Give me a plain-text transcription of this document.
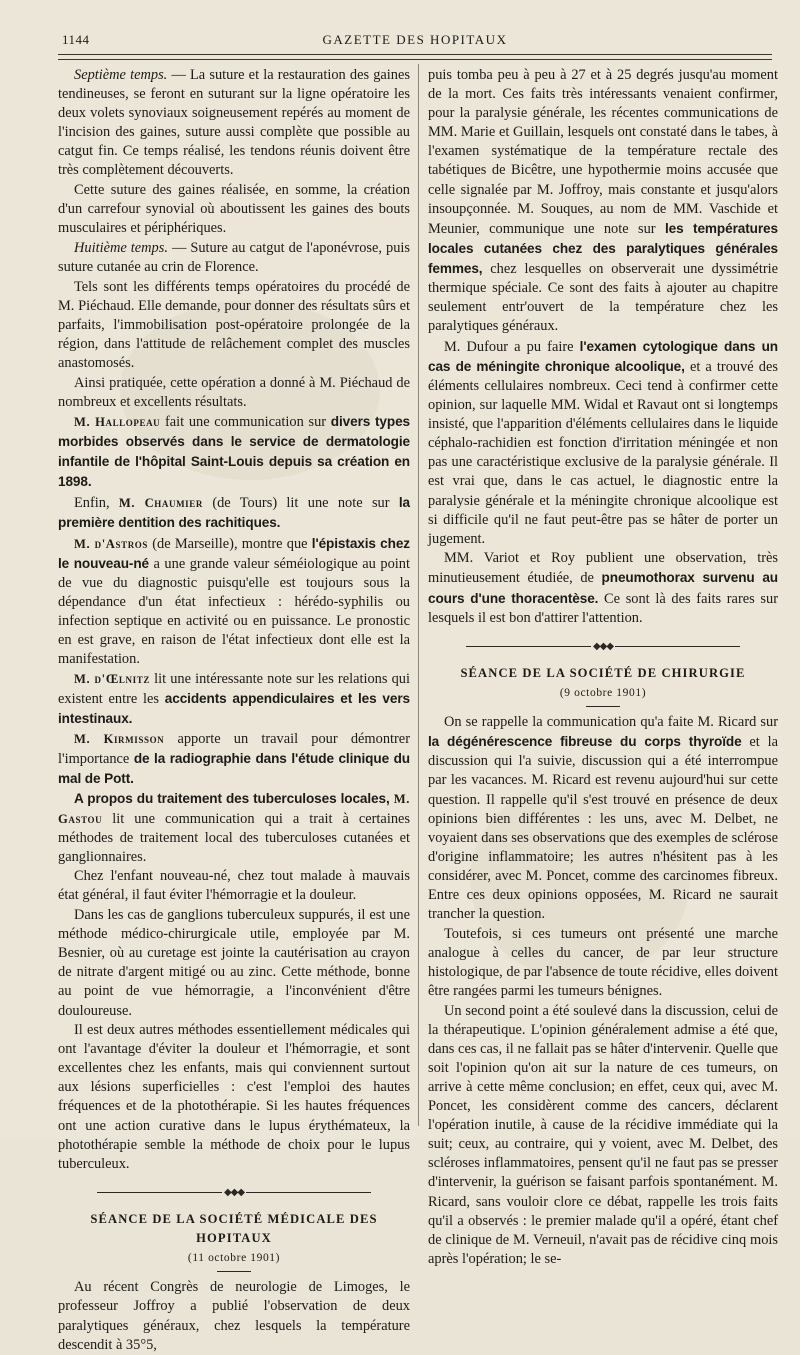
1144	GAZETTE DES HOPITAUX

Septième temps. — La suture et la restauration des gaines tendineuses, se feront en suturant sur la ligne opératoire les deux volets synoviaux soigneusement repérés au moment de l'incision des gaines, suture aussi complète que possible au catgut fin. Ce temps réalisé, les tendons réunis doivent être très complètement découverts.

Cette suture des gaines réalisée, en somme, la création d'un carrefour synovial où aboutissent les gaines des bouts musculaires et périphériques.

Huitième temps. — Suture au catgut de l'aponévrose, puis suture cutanée au crin de Florence.

Tels sont les différents temps opératoires du procédé de M. Piéchaud. Elle demande, pour donner des résultats sûrs et parfaits, l'immobilisation post-opératoire prolongée de la région, dans l'attitude de relâchement complet des muscles anastomosés.

Ainsi pratiquée, cette opération a donné à M. Piéchaud de nombreux et excellents résultats.

M. Hallopeau fait une communication sur divers types morbides observés dans le service de dermatologie infantile de l'hôpital Saint-Louis depuis sa création en 1898.

Enfin, M. Chaumier (de Tours) lit une note sur la première dentition des rachitiques.

M. d'Astros (de Marseille), montre que l'épistaxis chez le nouveau-né a une grande valeur séméiologique au point de vue du diagnostic puisqu'elle est toujours sous la dépendance d'un état infectieux : hérédo-syphilis ou infection septique en activité ou en puissance. Le pronostic en est grave, en raison de l'état infectieux dont elle est la manifestation.

M. d'Œlnitz lit une intéressante note sur les relations qui existent entre les accidents appendiculaires et les vers intestinaux.

M. Kirmisson apporte un travail pour démontrer l'importance de la radiographie dans l'étude clinique du mal de Pott.

A propos du traitement des tuberculoses locales, M. Gastou lit une communication qui a trait à certaines méthodes de traitement local des tuberculoses cutanées et ganglionnaires.

Chez l'enfant nouveau-né, chez tout malade à mauvais état général, il faut éviter l'hémorragie et la douleur.

Dans les cas de ganglions tuberculeux suppurés, il est une méthode médico-chirurgicale utile, employée par M. Besnier, où au curetage est jointe la cautérisation au crayon de nitrate d'argent mitigé ou au zinc. Cette méthode, bonne au point de vue hémorragie, a l'inconvénient d'être douloureuse.

Il est deux autres méthodes essentiellement médicales qui ont l'avantage d'éviter la douleur et l'hémorragie, et sont excellentes chez les enfants, mais qui conviennent surtout aux lésions superficielles : c'est l'emploi des hautes fréquences et de la photothérapie. Si les hautes fréquences ont une action curative dans le lupus érythémateux, la photothérapie semble la méthode de choix pour le lupus tuberculeux.

◆◆◆

SÉANCE DE LA SOCIÉTÉ MÉDICALE DES HOPITAUX

(11 octobre 1901)

Au récent Congrès de neurologie de Limoges, le professeur Joffroy a publié l'observation de deux paralytiques généraux, chez lesquels la température descendit à 35°5,

puis tomba peu à peu à 27 et à 25 degrés jusqu'au moment de la mort. Ces faits très intéressants venaient confirmer, pour la paralysie générale, les récentes communications de MM. Marie et Guillain, lesquels ont constaté dans le tabes, à l'examen systématique de la température rectale des tabétiques de Bicêtre, une hypothermie moins accusée que celle signalée par M. Joffroy, mais constante et jusqu'alors insoupçonnée. M. Souques, au nom de MM. Vaschide et Meunier, communique une note sur les températures locales cutanées chez des paralytiques générales femmes, chez lesquelles on observerait une dyssimétrie thermique spéciale. Ce sont des faits à ajouter au chapitre seulement entr'ouvert de la température chez les paralytiques généraux.

M. Dufour a pu faire l'examen cytologique dans un cas de méningite chronique alcoolique, et a trouvé des éléments cellulaires nombreux. Ceci tend à confirmer cette opinion, sur laquelle MM. Widal et Ravaut ont si longtemps insisté, que l'apparition d'éléments cellulaires dans le liquide céphalo-rachidien est fonction d'irritation méningée et non pas une caractéristique exclusive de la paralysie générale. Il est vrai que, dans le cas actuel, le diagnostic entre la paralysie générale et la méningite chronique alcoolique est si difficile qu'il ne faut peut-être pas se hâter de porter un jugement.

MM. Variot et Roy publient une observation, très minutieusement étudiée, de pneumothorax survenu au cours d'une thoracentèse. Ce sont là des faits rares sur lesquels il est bon d'attirer l'attention.

◆◆◆

SÉANCE DE LA SOCIÉTÉ DE CHIRURGIE

(9 octobre 1901)

On se rappelle la communication qu'a faite M. Ricard sur la dégénérescence fibreuse du corps thyroïde et la discussion qui l'a suivie, discussion qui a été interrompue par les vacances. M. Ricard est revenu aujourd'hui sur cette question. Il rappelle qu'il s'est trouvé en présence de deux opinions bien différentes : les uns, avec M. Delbet, ne voyaient dans ses observations que des exemples de sclérose d'origine inflammatoire; les autres n'hésitent pas à les considérer, avec M. Poncet, comme des carcinomes fibreux. Entre ces deux opinions opposées, M. Ricard ne saurait trancher la question.

Toutefois, si ces tumeurs ont présenté une marche analogue à celles du cancer, de par leur structure histologique, de par l'absence de toute récidive, elles doivent être rangées parmi les tumeurs bénignes.

Un second point a été soulevé dans la discussion, celui de la thérapeutique. L'opinion généralement admise a été que, dans ces cas, il ne fallait pas se hâter d'intervenir. Quelle que soit l'opinion qu'on ait sur la nature de ces tumeurs, on arrive à cette même conclusion; en effet, ceux qui, avec M. Poncet, les considèrent comme des cancers, déclarent l'opération inutile, à cause de la récidive immédiate qui la suit; ceux, au contraire, qui y voient, avec M. Delbet, des scléroses inflammatoires, pensent qu'il ne faut pas se presser d'intervenir, la guérison se faisant parfois spontanément. M. Ricard, sans vouloir clore ce débat, rappelle les trois faits qu'il a observés : le premier malade qu'il a opéré, étant chef de clinique de M. Verneuil, n'avait pas de récidive cinq mois après l'opération; le se-
